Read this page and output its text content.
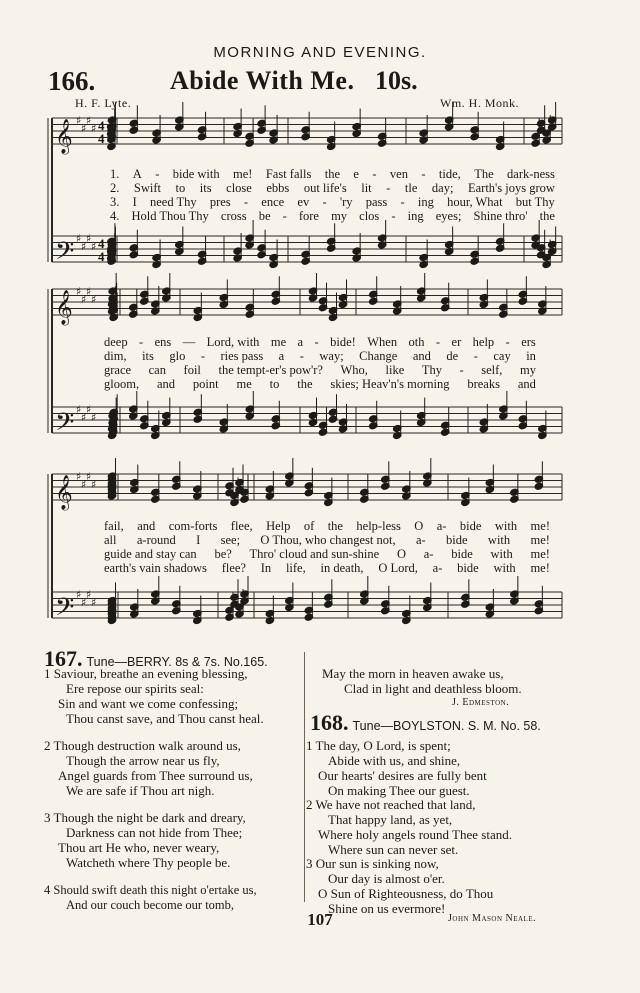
MORNING AND EVENING.
166.	Abide With Me. 10s.
H. F. Lyte.	Wm. H. Monk.
𝄞 ♯
♯
♯
♯
𝄢 ♯
♯
♯
♯
𝄞 ♯
♯
♯
♯
𝄢 ♯
♯
♯
♯
𝄞 ♯
♯
♯
♯
𝄢 ♯
♯
♯
♯
4
4
4
4
1. A - bide with me! Fast falls the e - ven - tide, The dark-ness
2. Swift to its close ebbs out life's lit - tle day; Earth's joys grow
3. I need Thy pres - ence ev - 'ry pass - ing hour, What but Thy
4. Hold Thou Thy cross be - fore my clos - ing eyes; Shine thro' the
deep - ens — Lord, with me a - bide! When oth - er help - ers
dim, its glo - ries pass a - way; Change and de - cay in
grace can foil the tempt-er's pow'r? Who, like Thy - self, my
gloom, and point me to the skies; Heav'n's morning breaks and
fail, and com-forts flee, Help of the help-less O a- bide with me!
all a-round I see; O Thou, who changest not, a- bide with me!
guide and stay can be? Thro' cloud and sun-shine O a- bide with me!
earth's vain shadows flee? In life, in death, O Lord, a- bide with me!
167. Tune—BERRY. 8s & 7s. No.165.
1 Saviour, breathe an evening blessing,
Ere repose our spirits seal:
Sin and want we come confessing;
Thou canst save, and Thou canst heal.
2 Though destruction walk around us,
Though the arrow near us fly,
Angel guards from Thee surround us,
We are safe if Thou art nigh.
3 Though the night be dark and dreary,
Darkness can not hide from Thee;
Thou art He who, never weary,
Watcheth where Thy people be.
4 Should swift death this night o'ertake us,
And our couch become our tomb,
May the morn in heaven awake us,
Clad in light and deathless bloom.
J. Edmeston.
168. Tune—BOYLSTON. S. M. No. 58.
1 The day, O Lord, is spent;
Abide with us, and shine,
Our hearts' desires are fully bent
On making Thee our guest.
2 We have not reached that land,
That happy land, as yet,
Where holy angels round Thee stand.
Where sun can never set.
3 Our sun is sinking now,
Our day is almost o'er.
O Sun of Righteousness, do Thou
Shine on us evermore!
John Mason Neale.
107
